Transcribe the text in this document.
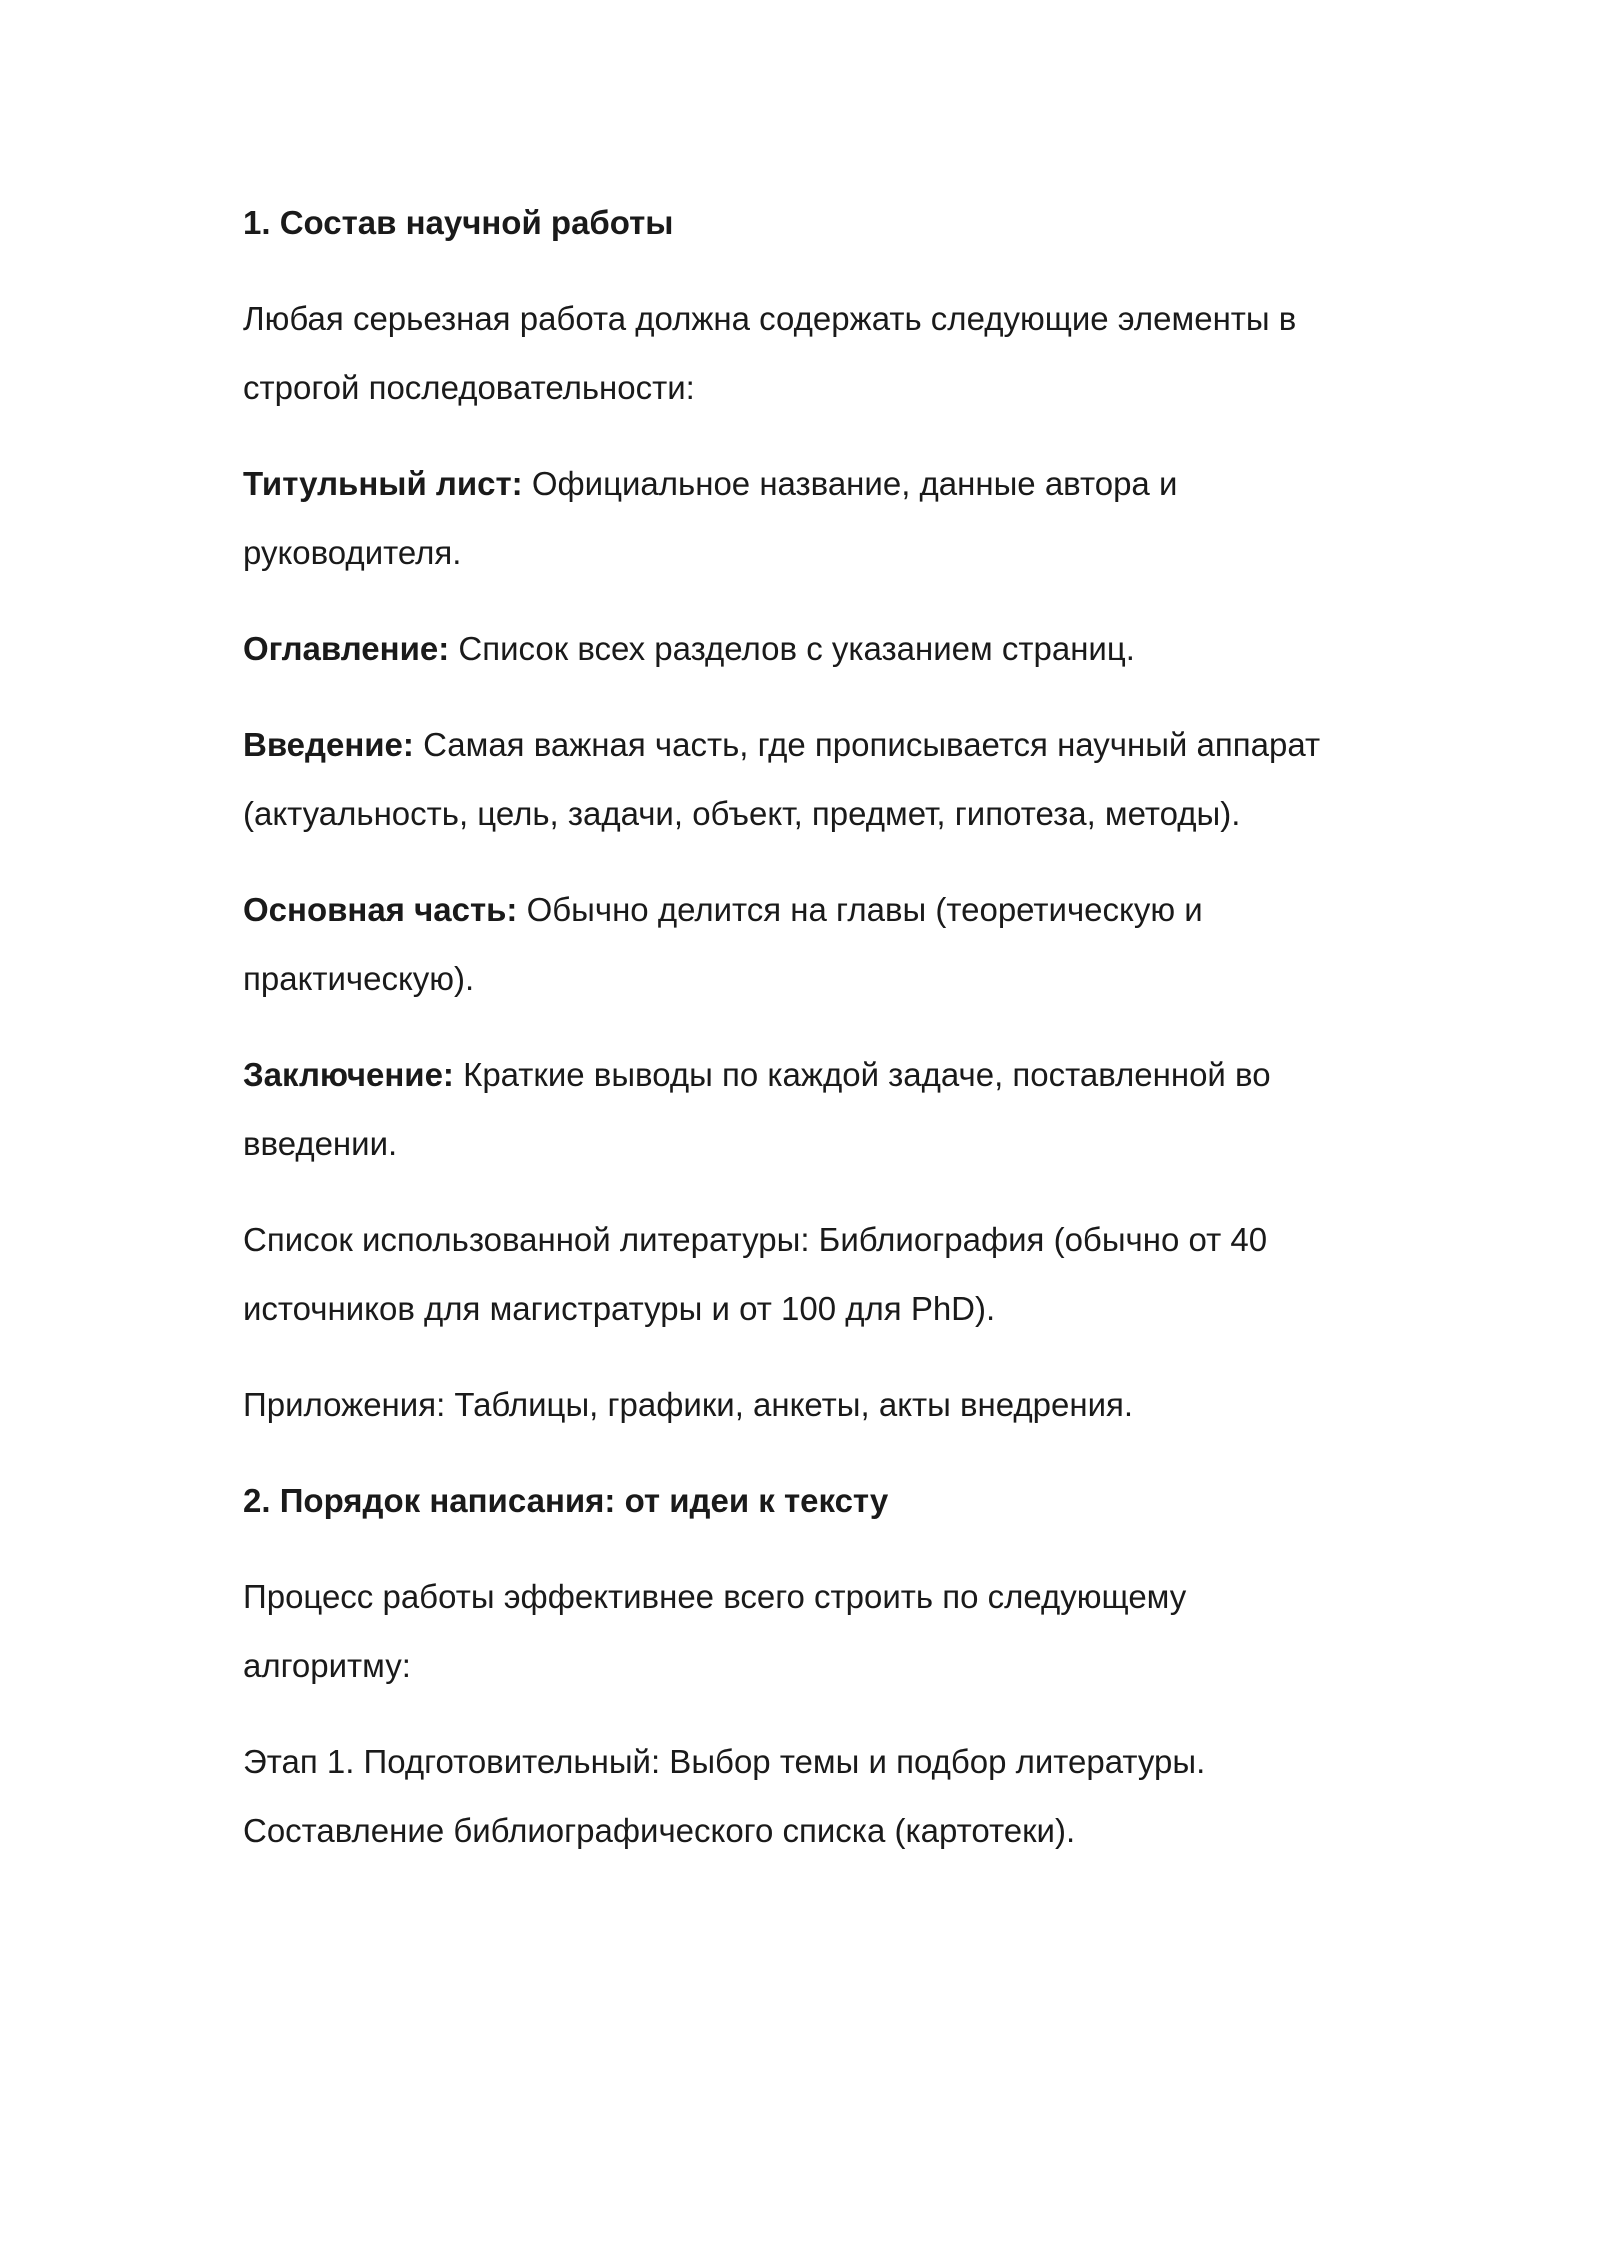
1. Состав научной работы
Любая серьезная работа должна содержать следующие элементы в
строгой последовательности:
Титульный лист: Официальное название, данные автора и
руководителя.
Оглавление: Список всех разделов с указанием страниц.
Введение: Самая важная часть, где прописывается научный аппарат
(актуальность, цель, задачи, объект, предмет, гипотеза, методы).
Основная часть: Обычно делится на главы (теоретическую и
практическую).
Заключение: Краткие выводы по каждой задаче, поставленной во
введении.
Список использованной литературы: Библиография (обычно от 40
источников для магистратуры и от 100 для PhD).
Приложения: Таблицы, графики, анкеты, акты внедрения.
2. Порядок написания: от идеи к тексту
Процесс работы эффективнее всего строить по следующему
алгоритму:
Этап 1. Подготовительный: Выбор темы и подбор литературы.
Составление библиографического списка (картотеки).
